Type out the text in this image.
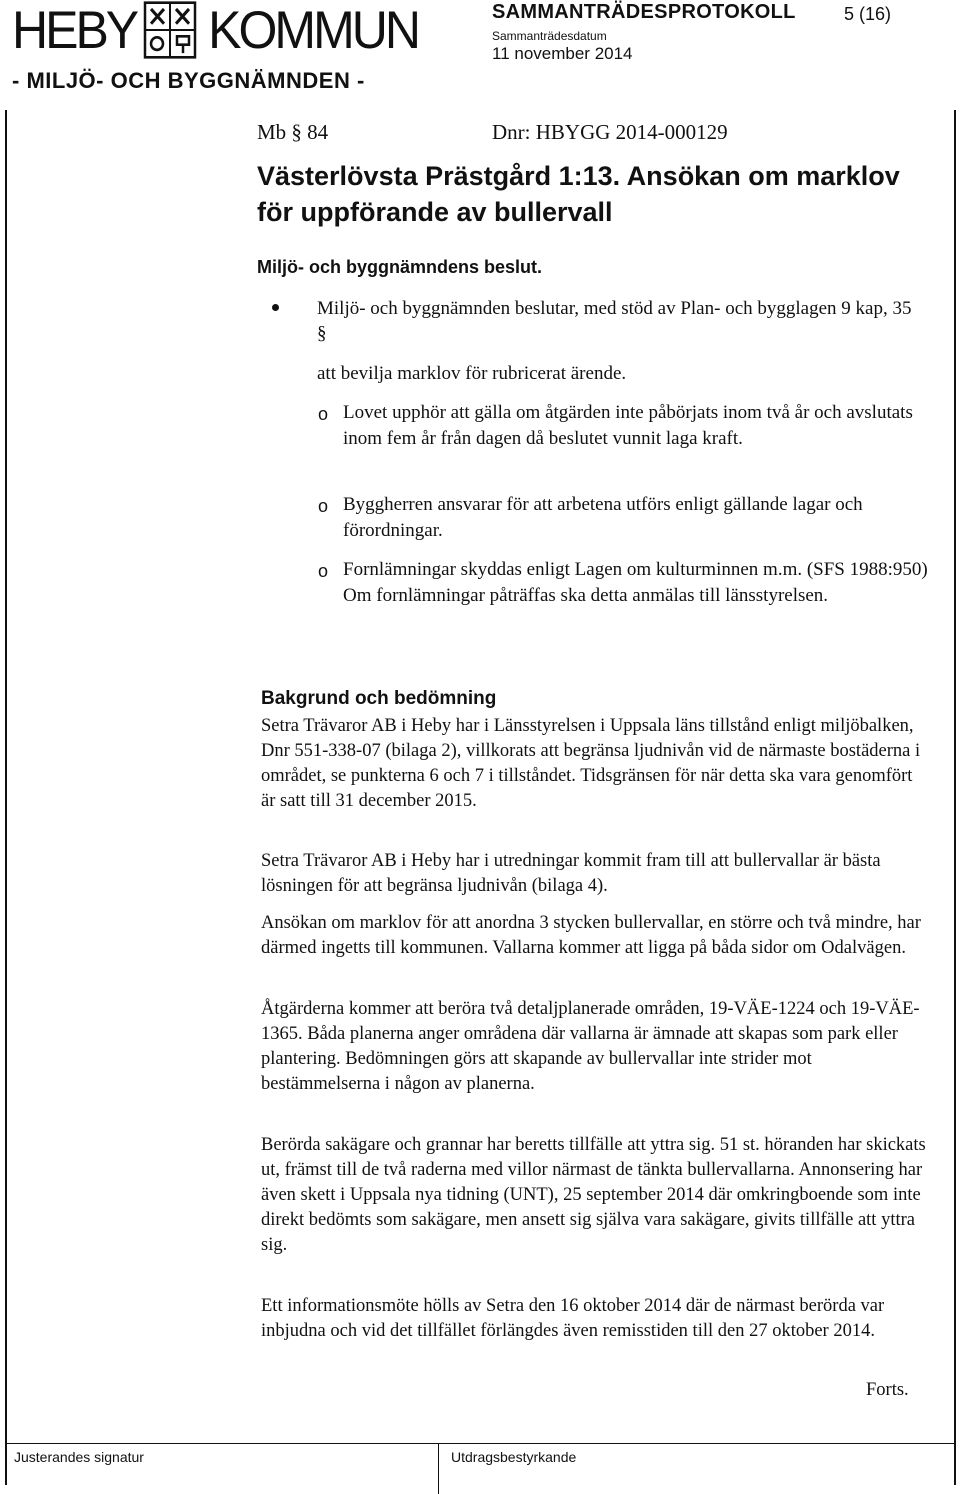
HEBY KOMMUN
- MILJÖ- OCH BYGGNÄMNDEN -
SAMMANTRÄDESPROTOKOLL	5 (16)
Sammanträdesdatum
11 november 2014
Mb § 84	Dnr: HBYGG 2014-000129
Västerlövsta Prästgård 1:13. Ansökan om marklov för uppförande av bullervall
Miljö- och byggnämndens beslut.
Miljö- och byggnämnden beslutar, med stöd av Plan- och bygglagen 9 kap, 35 §
att bevilja marklov för rubricerat ärende.
o Lovet upphör att gälla om åtgärden inte påbörjats inom två år och avslutats inom fem år från dagen då beslutet vunnit laga kraft.
o Byggherren ansvarar för att arbetena utförs enligt gällande lagar och förordningar.
o Fornlämningar skyddas enligt Lagen om kulturminnen m.m. (SFS 1988:950) Om fornlämningar påträffas ska detta anmälas till länsstyrelsen.
Bakgrund och bedömning
Setra Trävaror AB i Heby har i Länsstyrelsen i Uppsala läns tillstånd enligt miljöbalken, Dnr 551-338-07 (bilaga 2), villkorats att begränsa ljudnivån vid de närmaste bostäderna i området, se punkterna 6 och 7 i tillståndet. Tidsgränsen för när detta ska vara genomfört är satt till 31 december 2015.
Setra Trävaror AB i Heby har i utredningar kommit fram till att bullervallar är bästa lösningen för att begränsa ljudnivån (bilaga 4).
Ansökan om marklov för att anordna 3 stycken bullervallar, en större och två mindre, har därmed ingetts till kommunen. Vallarna kommer att ligga på båda sidor om Odalvägen.
Åtgärderna kommer att beröra två detaljplanerade områden, 19-VÄE-1224 och 19-VÄE- 1365. Båda planerna anger områdena där vallarna är ämnade att skapas som park eller plantering. Bedömningen görs att skapande av bullervallar inte strider mot bestämmelserna i någon av planerna.
Berörda sakägare och grannar har beretts tillfälle att yttra sig. 51 st. höranden har skickats ut, främst till de två raderna med villor närmast de tänkta bullervallarna. Annonsering har även skett i Uppsala nya tidning (UNT), 25 september 2014 där omkringboende som inte direkt bedömts som sakägare, men ansett sig själva vara sakägare, givits tillfälle att yttra sig.
Ett informationsmöte hölls av Setra den 16 oktober 2014 där de närmast berörda var inbjudna och vid det tillfället förlängdes även remisstiden till den 27 oktober 2014.
Forts.
Justerandes signatur	Utdragsbestyrkande
